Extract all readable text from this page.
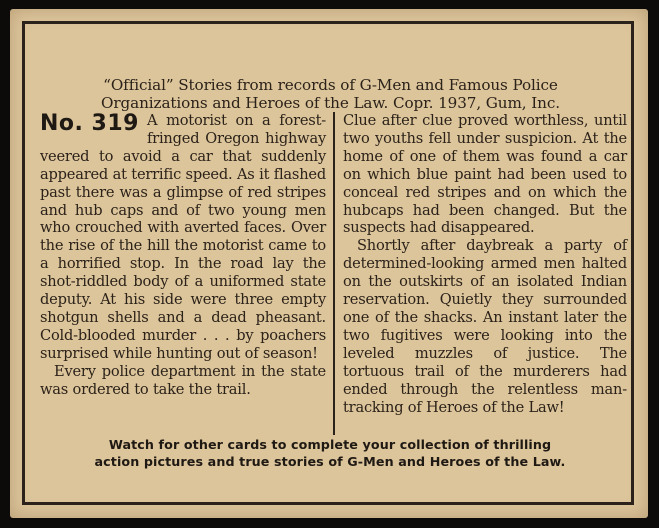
“Official” Stories from records of G-Men and Famous Police
Organizations and Heroes of the Law. Copr. 1937, Gum, Inc.
No. 319 A motorist on a forest-fringed Oregon highway veered to avoid a car that suddenly appeared at terrific speed. As it flashed past there was a glimpse of red stripes and hub caps and of two young men who crouched with averted faces. Over the rise of the hill the motorist came to a horrified stop. In the road lay the shot-riddled body of a uniformed state deputy. At his side were three empty shotgun shells and a dead pheasant. Cold-blooded murder . . . by poachers surprised while hunting out of season!

Every police department in the state was ordered to take the trail.

Clue after clue proved worthless, until two youths fell under suspicion. At the home of one of them was found a car on which blue paint had been used to conceal red stripes and on which the hubcaps had been changed. But the suspects had disappeared.

Shortly after daybreak a party of determined-looking armed men halted on the outskirts of an isolated Indian reservation. Quietly they surrounded one of the shacks. An instant later the two fugitives were looking into the leveled muzzles of justice. The tortuous trail of the murderers had ended through the relentless man-tracking of Heroes of the Law!

Watch for other cards to complete your collection of thrilling
action pictures and true stories of G-Men and Heroes of the Law.
